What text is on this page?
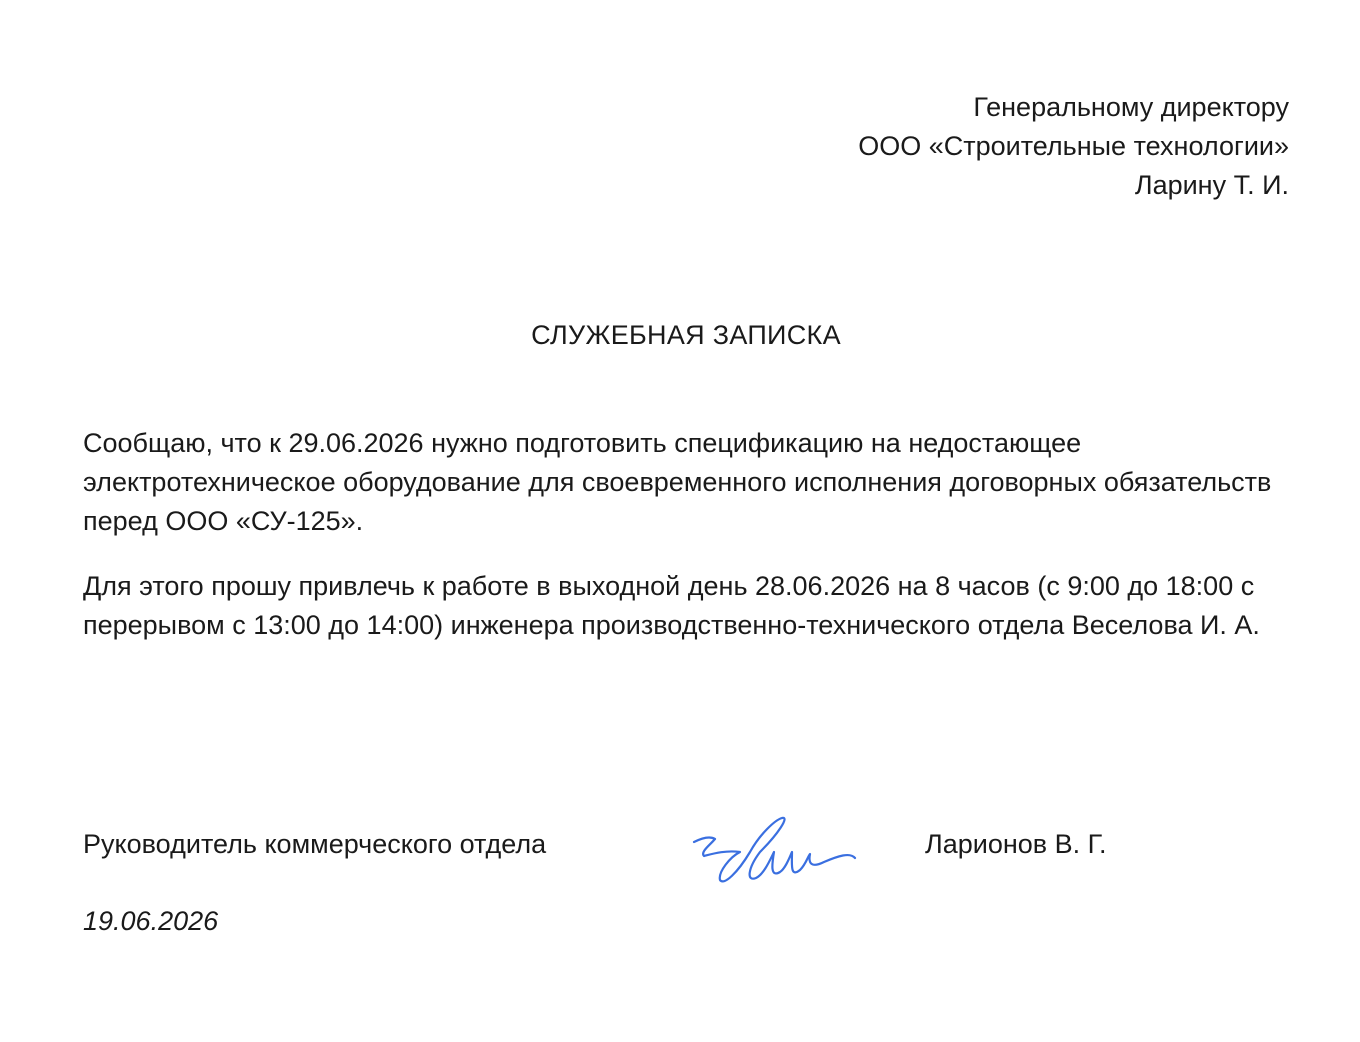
Генеральному директору
ООО «Строительные технологии»
Ларину Т. И.
СЛУЖЕБНАЯ ЗАПИСКА

Сообщаю, что к 29.06.2026 нужно подготовить спецификацию на недостающее электротехническое оборудование для своевременного исполнения договорных обязательств перед ООО «СУ-125».

Для этого прошу привлечь к работе в выходной день 28.06.2026 на 8 часов (с 9:00 до 18:00 с перерывом с 13:00 до 14:00) инженера производственно-технического отдела Веселова И. А.

Руководитель коммерческого отдела	Ларионов В. Г.
19.06.2026
